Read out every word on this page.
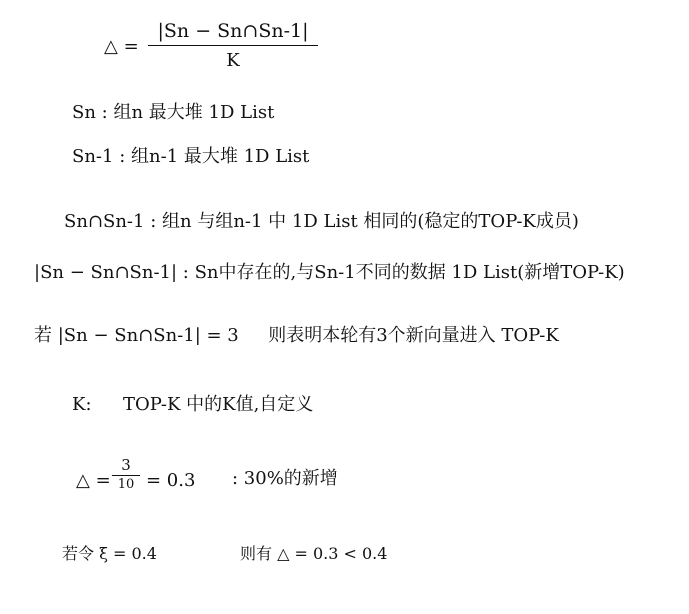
△ =
|Sn − Sn∩Sn-1|
K
Sn : 组n 最大堆 1D List
Sn-1 : 组n-1 最大堆 1D List
Sn∩Sn-1 : 组n 与组n-1 中 1D List 相同的(稳定的TOP-K成员)
|Sn − Sn∩Sn-1| : Sn中存在的,与Sn-1不同的数据 1D List(新增TOP-K)
若 |Sn − Sn∩Sn-1| = 3 则表明本轮有3个新向量进入 TOP-K
K: TOP-K 中的K值,自定义
△ =
3
10 = 0.3 : 30%的新增
若令 ξ = 0.4	则有 △ = 0.3 < 0.4
